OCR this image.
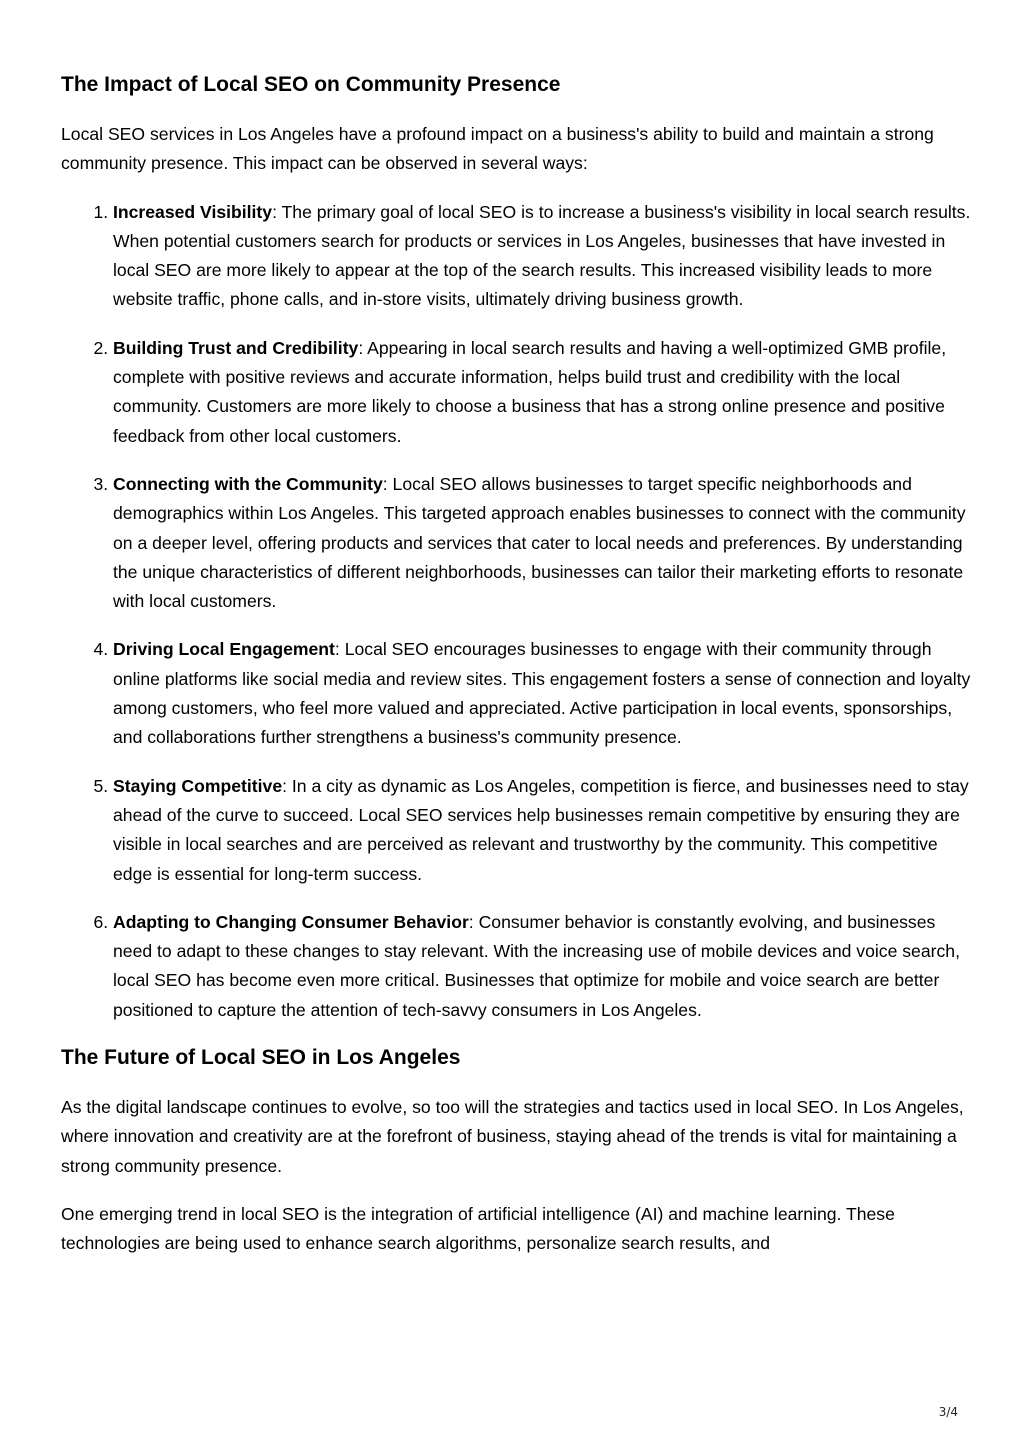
The Impact of Local SEO on Community Presence

Local SEO services in Los Angeles have a profound impact on a business's ability to build and maintain a strong community presence. This impact can be observed in several ways:

1. Increased Visibility: The primary goal of local SEO is to increase a business's visibility in local search results. When potential customers search for products or services in Los Angeles, businesses that have invested in local SEO are more likely to appear at the top of the search results. This increased visibility leads to more website traffic, phone calls, and in-store visits, ultimately driving business growth.
2. Building Trust and Credibility: Appearing in local search results and having a well-optimized GMB profile, complete with positive reviews and accurate information, helps build trust and credibility with the local community. Customers are more likely to choose a business that has a strong online presence and positive feedback from other local customers.
3. Connecting with the Community: Local SEO allows businesses to target specific neighborhoods and demographics within Los Angeles. This targeted approach enables businesses to connect with the community on a deeper level, offering products and services that cater to local needs and preferences. By understanding the unique characteristics of different neighborhoods, businesses can tailor their marketing efforts to resonate with local customers.
4. Driving Local Engagement: Local SEO encourages businesses to engage with their community through online platforms like social media and review sites. This engagement fosters a sense of connection and loyalty among customers, who feel more valued and appreciated. Active participation in local events, sponsorships, and collaborations further strengthens a business's community presence.
5. Staying Competitive: In a city as dynamic as Los Angeles, competition is fierce, and businesses need to stay ahead of the curve to succeed. Local SEO services help businesses remain competitive by ensuring they are visible in local searches and are perceived as relevant and trustworthy by the community. This competitive edge is essential for long-term success.
6. Adapting to Changing Consumer Behavior: Consumer behavior is constantly evolving, and businesses need to adapt to these changes to stay relevant. With the increasing use of mobile devices and voice search, local SEO has become even more critical. Businesses that optimize for mobile and voice search are better positioned to capture the attention of tech-savvy consumers in Los Angeles.
The Future of Local SEO in Los Angeles

As the digital landscape continues to evolve, so too will the strategies and tactics used in local SEO. In Los Angeles, where innovation and creativity are at the forefront of business, staying ahead of the trends is vital for maintaining a strong community presence.

One emerging trend in local SEO is the integration of artificial intelligence (AI) and machine learning. These technologies are being used to enhance search algorithms, personalize search results, and

3/4
